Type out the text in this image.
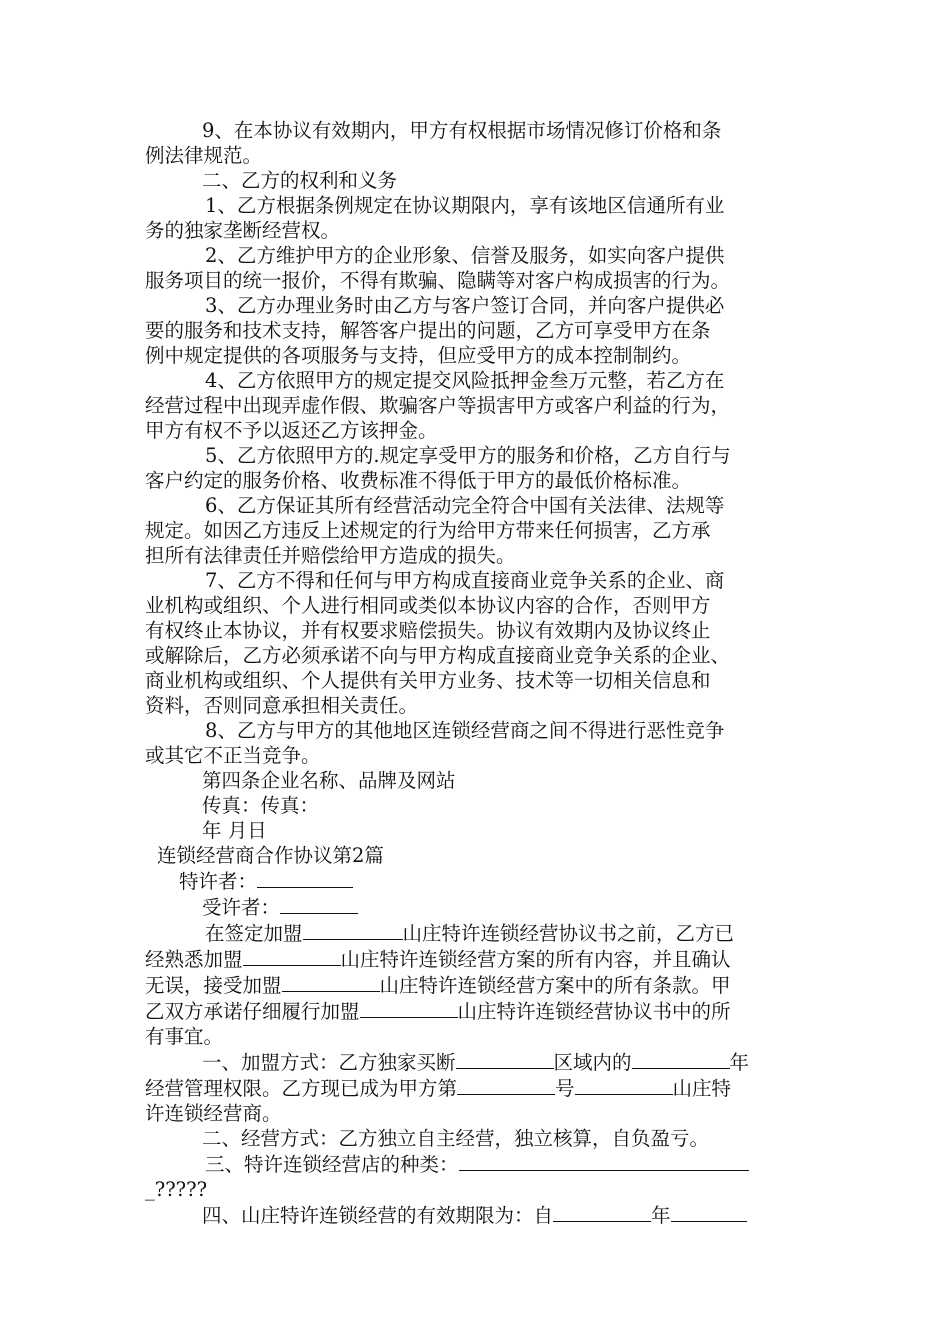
9、在本协议有效期内，甲方有权根据市场情况修订价格和条

例法律规范。

二、乙方的权利和义务

1、乙方根据条例规定在协议期限内，享有该地区信通所有业

务的独家垄断经营权。

2、乙方维护甲方的企业形象、信誉及服务，如实向客户提供

服务项目的统一报价，不得有欺骗、隐瞒等对客户构成损害的行为。

3、乙方办理业务时由乙方与客户签订合同，并向客户提供必

要的服务和技术支持，解答客户提出的问题，乙方可享受甲方在条

例中规定提供的各项服务与支持，但应受甲方的成本控制制约。

4、乙方依照甲方的规定提交风险抵押金叁万元整，若乙方在

经营过程中出现弄虚作假、欺骗客户等损害甲方或客户利益的行为，

甲方有权不予以返还乙方该押金。

5、乙方依照甲方的.规定享受甲方的服务和价格，乙方自行与

客户约定的服务价格、收费标准不得低于甲方的最低价格标准。

6、乙方保证其所有经营活动完全符合中国有关法律、法规等

规定。如因乙方违反上述规定的行为给甲方带来任何损害，乙方承

担所有法律责任并赔偿给甲方造成的损失。

7、乙方不得和任何与甲方构成直接商业竞争关系的企业、商

业机构或组织、个人进行相同或类似本协议内容的合作，否则甲方

有权终止本协议，并有权要求赔偿损失。协议有效期内及协议终止

或解除后，乙方必须承诺不向与甲方构成直接商业竞争关系的企业、

商业机构或组织、个人提供有关甲方业务、技术等一切相关信息和

资料，否则同意承担相关责任。

8、乙方与甲方的其他地区连锁经营商之间不得进行恶性竞争

或其它不正当竞争。

第四条企业名称、品牌及网站

传真：传真：

年 月日

连锁经营商合作协议第2篇

特许者：

受许者：

在签定加盟	山庄特许连锁经营协议书之前，乙方已

经熟悉加盟	山庄特许连锁经营方案的所有内容，并且确认

无误，接受加盟	山庄特许连锁经营方案中的所有条款。甲

乙双方承诺仔细履行加盟	山庄特许连锁经营协议书中的所

有事宜。

一、加盟方式：乙方独家买断	区域内的	年

经营管理权限。乙方现已成为甲方第	号	山庄特

许连锁经营商。

二、经营方式：乙方独立自主经营，独立核算，自负盈亏。

三、特许连锁经营店的种类：

_?????

四、山庄特许连锁经营的有效期限为：自	年
